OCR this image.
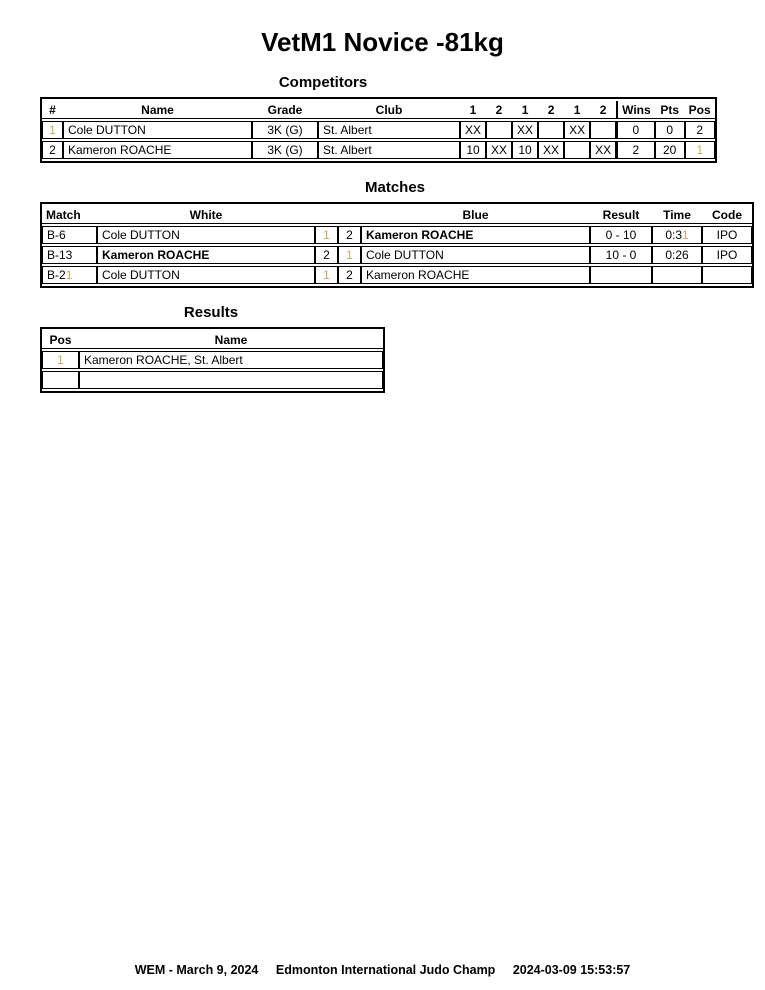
VetM1 Novice -81kg
Competitors
#	Name	Grade	Club	1	2	1	2	1	2	Wins	Pts	Pos
1	Cole DUTTON	3K (G)	St. Albert	XX		XX		XX		0	0	2
2	Kameron ROACHE	3K (G)	St. Albert	10	XX	10	XX		XX	2	20	1
Matches
Match	White			Blue	Result	Time	Code
B-6	Cole DUTTON	1	2	Kameron ROACHE	0 - 10	0:31	IPO
B-13	Kameron ROACHE	2	1	Cole DUTTON	10 - 0	0:26	IPO
B-21	Cole DUTTON	1	2	Kameron ROACHE			
Results
Pos	Name
1	Kameron ROACHE, St. Albert

WEM - March 9, 2024 Edmonton International Judo Champ 2024-03-09 15:53:57
